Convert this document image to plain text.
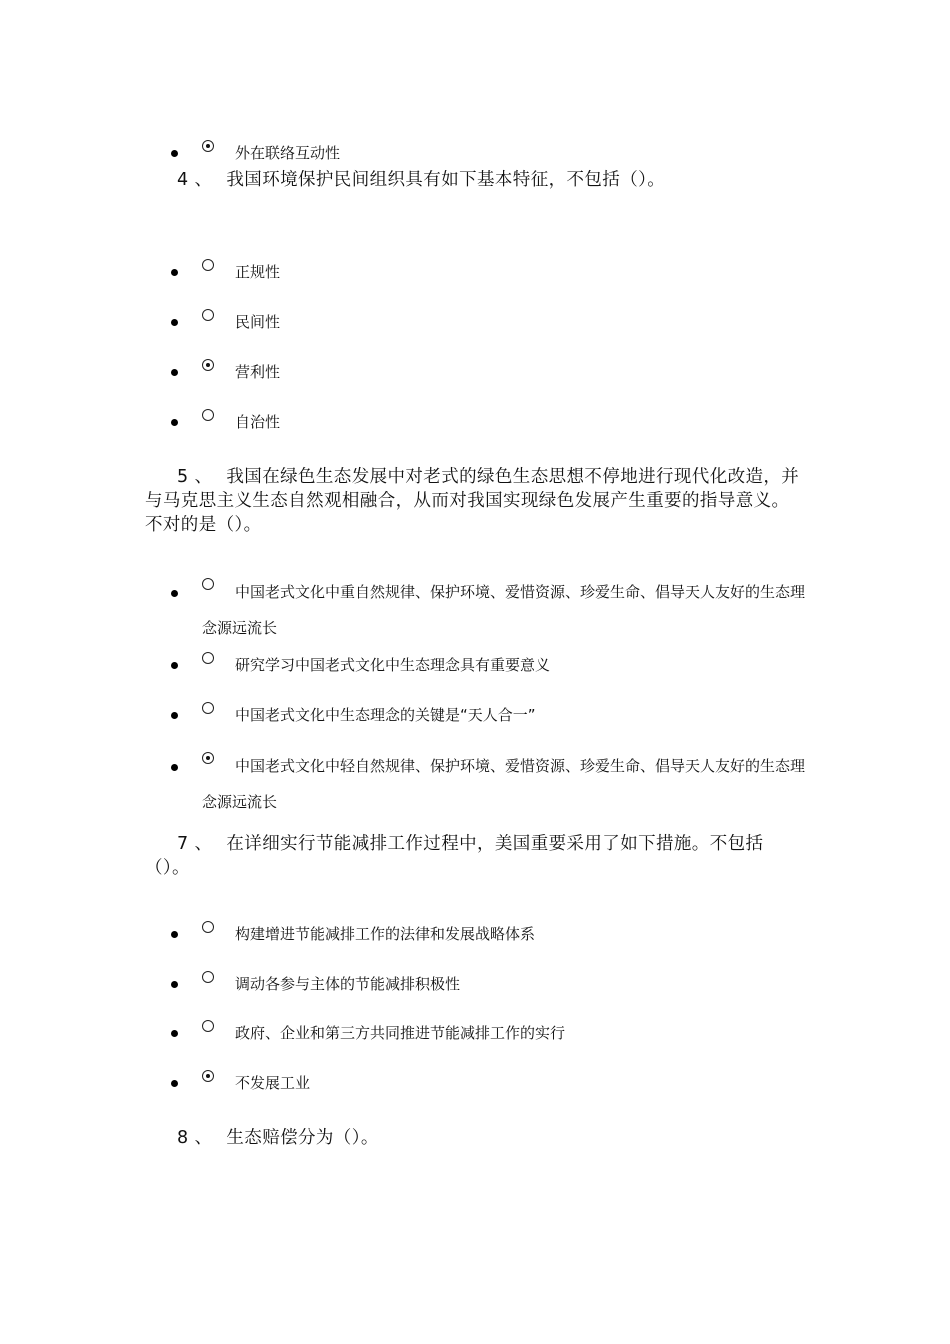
外在联络互动性
4 、 我国环境保护民间组织具有如下基本特征，不包括（）。
正规性
民间性
营利性
自治性
5 、 我国在绿色生态发展中对老式的绿色生态思想不停地进行现代化改造，并与马克思主义生态自然观相融合，从而对我国实现绿色发展产生重要的指导意义。不对的是（）。
中国老式文化中重自然规律、保护环境、爱惜资源、珍爱生命、倡导天人友好的生态理念源远流长
研究学习中国老式文化中生态理念具有重要意义
中国老式文化中生态理念的关键是“天人合一”
中国老式文化中轻自然规律、保护环境、爱惜资源、珍爱生命、倡导天人友好的生态理念源远流长
7 、 在详细实行节能减排工作过程中，美国重要采用了如下措施。不包括（）。
构建增进节能减排工作的法律和发展战略体系
调动各参与主体的节能减排积极性
政府、企业和第三方共同推进节能减排工作的实行
不发展工业
8 、 生态赔偿分为（）。
